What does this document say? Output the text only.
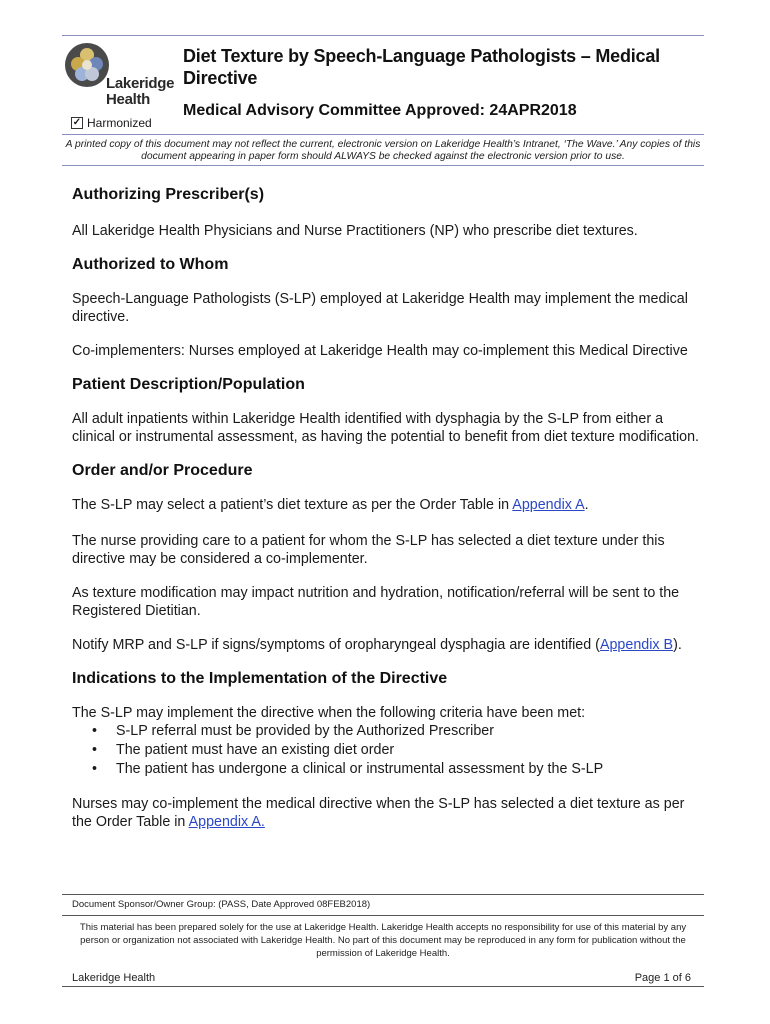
Lakeridge
Health
✓ Harmonized
Diet Texture by Speech-Language Pathologists – Medical Directive
Medical Advisory Committee Approved: 24APR2018
A printed copy of this document may not reflect the current, electronic version on Lakeridge Health’s Intranet, ‘The Wave.’ Any copies of this document appearing in paper form should ALWAYS be checked against the electronic version prior to use.
Authorizing Prescriber(s)

All Lakeridge Health Physicians and Nurse Practitioners (NP) who prescribe diet textures.

Authorized to Whom

Speech-Language Pathologists (S-LP) employed at Lakeridge Health may implement the medical directive.

Co-implementers: Nurses employed at Lakeridge Health may co-implement this Medical Directive

Patient Description/Population

All adult inpatients within Lakeridge Health identified with dysphagia by the S-LP from either a clinical or instrumental assessment, as having the potential to benefit from diet texture modification.

Order and/or Procedure

The S-LP may select a patient’s diet texture as per the Order Table in Appendix A.

The nurse providing care to a patient for whom the S-LP has selected a diet texture under this directive may be considered a co-implementer.

As texture modification may impact nutrition and hydration, notification/referral will be sent to the Registered Dietitian.

Notify MRP and S-LP if signs/symptoms of oropharyngeal dysphagia are identified (Appendix B).

Indications to the Implementation of the Directive

The S-LP may implement the directive when the following criteria have been met:

• S-LP referral must be provided by the Authorized Prescriber
• The patient must have an existing diet order
• The patient has undergone a clinical or instrumental assessment by the S-LP

Nurses may co-implement the medical directive when the S-LP has selected a diet texture as per the Order Table in Appendix A.

Document Sponsor/Owner Group: (PASS, Date Approved 08FEB2018)
This material has been prepared solely for the use at Lakeridge Health. Lakeridge Health accepts no responsibility for use of this material by any person or organization not associated with Lakeridge Health. No part of this document may be reproduced in any form for publication without the permission of Lakeridge Health.
Lakeridge Health	Page 1 of 6
